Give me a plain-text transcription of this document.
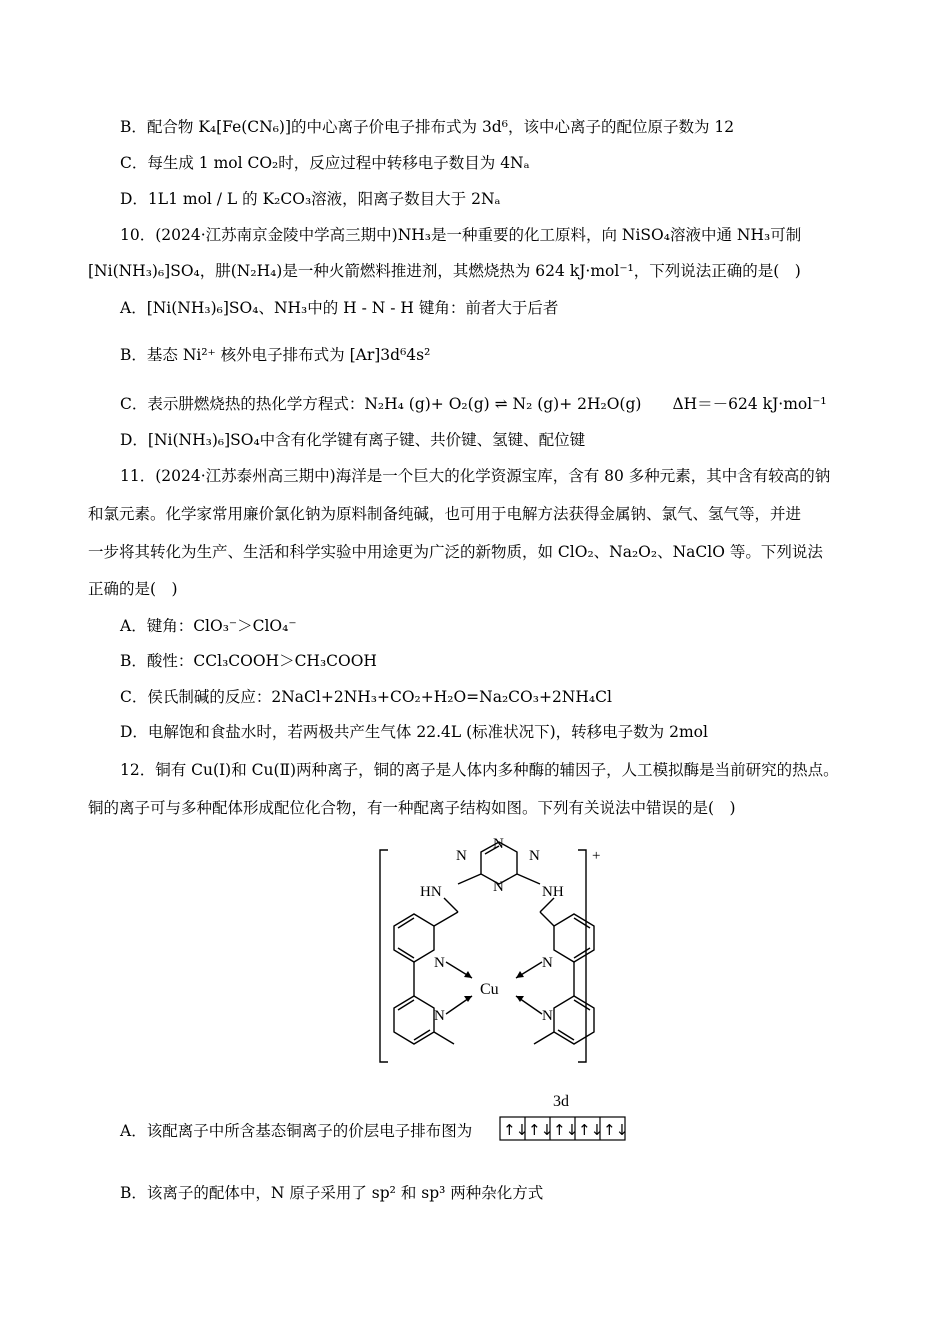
B．配合物 K₄[Fe(CN₆)]的中心离子价电子排布式为 3d⁶，该中心离子的配位原子数为 12
C．每生成 1 mol CO₂时，反应过程中转移电子数目为 4Nₐ
D．1L1 mol / L 的 K₂CO₃溶液，阳离子数目大于 2Nₐ
10．(2024·江苏南京金陵中学高三期中)NH₃是一种重要的化工原料，向 NiSO₄溶液中通 NH₃可制
[Ni(NH₃)₆]SO₄，肼(N₂H₄)是一种火箭燃料推进剂，其燃烧热为 624 kJ·mol⁻¹，下列说法正确的是(　)
A．[Ni(NH₃)₆]SO₄、NH₃中的 H - N - H 键角：前者大于后者
B．基态 Ni²⁺ 核外电子排布式为 [Ar]3d⁶4s²
C．表示肼燃烧热的热化学方程式：N₂H₄ (g)+ O₂(g) ⇌ N₂ (g)+ 2H₂O(g)　　ΔH＝－624 kJ·mol⁻¹
D．[Ni(NH₃)₆]SO₄中含有化学键有离子键、共价键、氢键、配位键
11．(2024·江苏泰州高三期中)海洋是一个巨大的化学资源宝库，含有 80 多种元素，其中含有较高的钠
和氯元素。化学家常用廉价氯化钠为原料制备纯碱，也可用于电解方法获得金属钠、氯气、氢气等，并进
一步将其转化为生产、生活和科学实验中用途更为广泛的新物质，如 ClO₂、Na₂O₂、NaClO 等。下列说法
正确的是(　)
A．键角：ClO₃⁻＞ClO₄⁻
B．酸性：CCl₃COOH＞CH₃COOH
C．侯氏制碱的反应：2NaCl+2NH₃+CO₂+H₂O=Na₂CO₃+2NH₄Cl
D．电解饱和食盐水时，若两极共产生气体 22.4L (标准状况下)，转移电子数为 2mol
12．铜有 Cu(Ⅰ)和 Cu(Ⅱ)两种离子，铜的离子是人体内多种酶的辅因子，人工模拟酶是当前研究的热点。
铜的离子可与多种配体形成配位化合物，有一种配离子结构如图。下列有关说法中错误的是(　)
N
N	N
N
HN	NH
N	N
N	N
Cu
+
A．该配离子中所含基态铜离子的价层电子排布图为
3d
↑↓ ↑↓ ↑↓ ↑↓ ↑↓
B．该离子的配体中，N 原子采用了 sp² 和 sp³ 两种杂化方式
